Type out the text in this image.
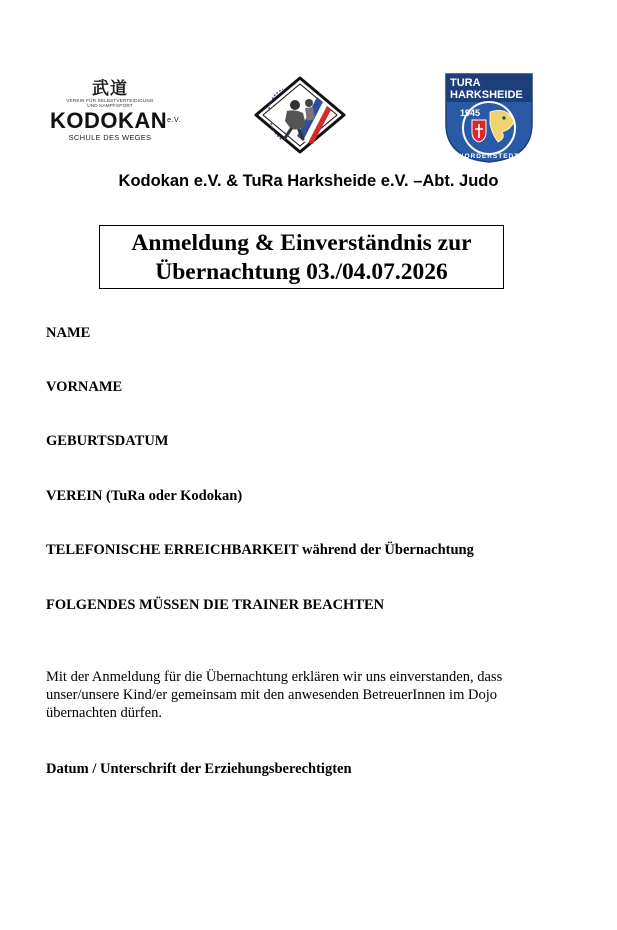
武道
VEREIN FÜR SELBSTVERTEIDIGUNG
UND KAMPFSPORT
$KODOKAN^{e.V.}$
SCHULE DES WEGES
TURA
HARKSHEIDE
1945
NORDERSTEDT
Kodokan e.V. & TuRa Harksheide e.V. –Abt. Judo
Anmeldung & Einverständnis zur
Übernachtung 03./04.07.2026
NAME
VORNAME
GEBURTSDATUM
VEREIN (TuRa oder Kodokan)
TELEFONISCHE ERREICHBARKEIT während der Übernachtung
FOLGENDES MÜSSEN DIE TRAINER BEACHTEN
Mit der Anmeldung für die Übernachtung erklären wir uns einverstanden, dass
unser/unsere Kind/er gemeinsam mit den anwesenden BetreuerInnen im Dojo
übernachten dürfen.
Datum / Unterschrift der Erziehungsberechtigten
